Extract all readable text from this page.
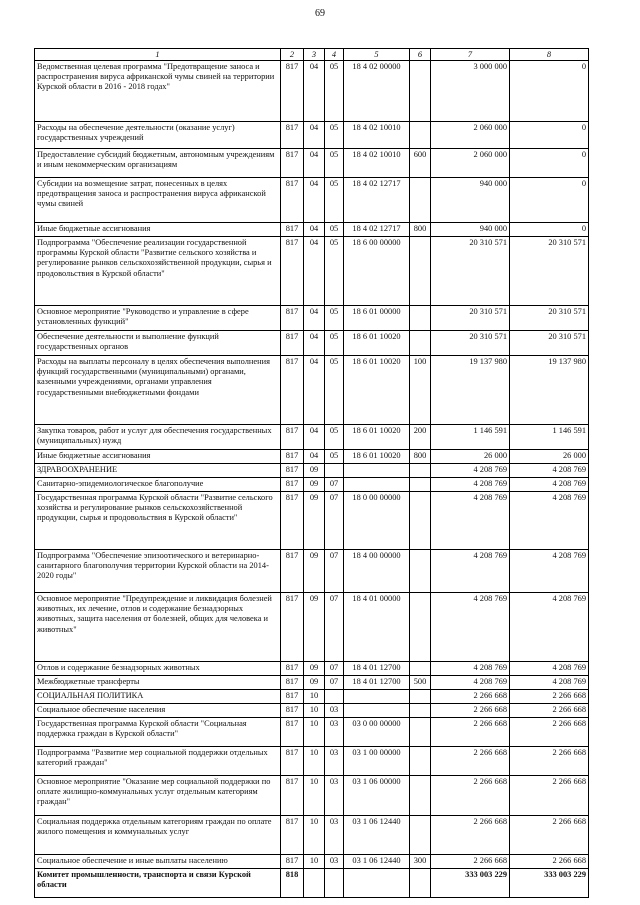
69
1	2	3	4	5	6	7	8
Ведомственная целевая программа "Предотвращение заноса и распространения вируса африканской чумы свиней на территории Курской области в 2016 - 2018 годах"	817	04	05	18 4 02 00000		3 000 000	0
Расходы на обеспечение деятельности (оказание услуг) государственных учреждений	817	04	05	18 4 02 10010		2 060 000	0
Предоставление субсидий бюджетным, автономным учреждениям и иным некоммерческим организациям	817	04	05	18 4 02 10010	600	2 060 000	0
Субсидии на возмещение затрат, понесенных в целях предотвращения заноса и распространения вируса африканской чумы свиней	817	04	05	18 4 02 12717		940 000	0
Иные бюджетные ассигнования	817	04	05	18 4 02 12717	800	940 000	0
Подпрограмма "Обеспечение реализации государственной программы Курской области "Развитие сельского хозяйства и регулирование рынков сельскохозяйственной продукции, сырья и продовольствия в Курской области"	817	04	05	18 6 00 00000		20 310 571	20 310 571
Основное мероприятие "Руководство и управление в сфере установленных функций"	817	04	05	18 6 01 00000		20 310 571	20 310 571
Обеспечение деятельности и выполнение функций государственных органов	817	04	05	18 6 01 10020		20 310 571	20 310 571
Расходы на выплаты персоналу в целях обеспечения выполнения функций государственными (муниципальными) органами, казенными учреждениями, органами управления государственными внебюджетными фондами	817	04	05	18 6 01 10020	100	19 137 980	19 137 980
Закупка товаров, работ и услуг для обеспечения государственных (муниципальных) нужд	817	04	05	18 6 01 10020	200	1 146 591	1 146 591
Иные бюджетные ассигнования	817	04	05	18 6 01 10020	800	26 000	26 000
ЗДРАВООХРАНЕНИЕ	817	09				4 208 769	4 208 769
Санитарно-эпидемиологическое благополучие	817	09	07			4 208 769	4 208 769
Государственная программа Курской области "Развитие сельского хозяйства и регулирование рынков сельскохозяйственной продукции, сырья и продовольствия в Курской области"	817	09	07	18 0 00 00000		4 208 769	4 208 769
Подпрограмма "Обеспечение эпизоотического и ветеринарно-санитарного благополучия территории Курской области на 2014-2020 годы"	817	09	07	18 4 00 00000		4 208 769	4 208 769
Основное мероприятие "Предупреждение и ликвидация болезней животных, их лечение, отлов и содержание безнадзорных животных, защита населения от болезней, общих для человека и животных"	817	09	07	18 4 01 00000		4 208 769	4 208 769
Отлов и содержание безнадзорных животных	817	09	07	18 4 01 12700		4 208 769	4 208 769
Межбюджетные трансферты	817	09	07	18 4 01 12700	500	4 208 769	4 208 769
СОЦИАЛЬНАЯ ПОЛИТИКА	817	10				2 266 668	2 266 668
Социальное обеспечение населения	817	10	03			2 266 668	2 266 668
Государственная программа Курской области "Социальная поддержка граждан в Курской области"	817	10	03	03 0 00 00000		2 266 668	2 266 668
Подпрограмма "Развитие мер социальной поддержки отдельных категорий граждан"	817	10	03	03 1 00 00000		2 266 668	2 266 668
Основное мероприятие "Оказание мер социальной поддержки по оплате жилищно-коммунальных услуг отдельным категориям граждан"	817	10	03	03 1 06 00000		2 266 668	2 266 668
Социальная поддержка отдельным категориям граждан по оплате жилого помещения и коммунальных услуг	817	10	03	03 1 06 12440		2 266 668	2 266 668
Социальное обеспечение и иные выплаты населению	817	10	03	03 1 06 12440	300	2 266 668	2 266 668
Комитет промышленности, транспорта и связи Курской области	818					333 003 229	333 003 229
